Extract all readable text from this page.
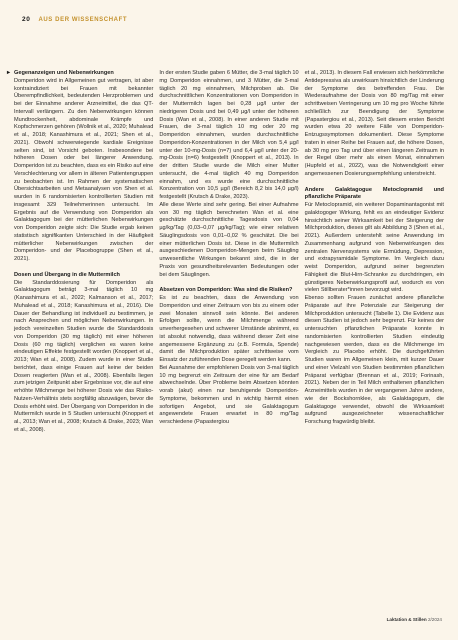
20 AUS DER WISSENSCHAFT

▸ Gegenanzeigen und Nebenwirkungen

Domperidon wird in Allgemeinen gut vertragen, ist aber kontraindiziert bei Frauen mit bekannter Überempfindlichkeit, bedeutenden Herzproblemen und bei der Einnahme anderer Arzneimittel, die das QT-Intervall verlängern. Zu den Nebenwirkungen können Mundtrockenheit, abdominale Krämpfe und Kopfschmerzen gehören (Wollnik et al., 2020; Muhalead et al., 2018; Kanashimura et al., 2021; Shen et al., 2021). Obwohl schwerwiegende kardiale Ereignisse selten sind, ist Vorsicht geboten. Insbesondere bei höheren Dosen oder bei längerer Anwendung. Domperidon ist zu beachten, dass es ein Risiko auf eine Verschlechterung vor allem in älteren Patientengruppen zu beobachten ist. Im Rahmen der systematischen Übersichtsarbeiten und Metaanalysen von Shen et al. wurden in 6 randomisierten kontrollierten Studien mit insgesamt 329 Teilnehmerinnen untersucht. Im Ergebnis auf die Verwendung von Domperidon als Galaktagogum bei der mütterlichen Nebenwirkungen von Domperidon zeigte sich: Die Studie ergab keinen statistisch signifikanten Unterschied in der Häufigkeit mütterlicher Nebenwirkungen zwischen der Domperidon- und der Placebogruppe (Shen et al., 2021).

Dosen und Übergang in die Muttermilch

Die Standarddosierung für Domperidon als Galaktagogum beträgt 3-mal täglich 10 mg (Kanashimura et al., 2022; Kalmanson et al., 2017; Muhalead et al., 2018; Kanashimura et al., 2016). Die Dauer der Behandlung ist individuell zu bestimmen, je nach Ansprechen und möglichen Nebenwirkungen. In jedoch vereinzelten Studien wurde die Standarddosis von Domperidon (30 mg täglich) mit einer höheren Dosis (60 mg täglich) verglichen es waren keine eindeutigen Effekte festgestellt worden (Knoppert et al., 2013; Wan et al., 2008). Zudem wurde in einer Studie berichtet, dass einige Frauen auf keine der beiden Dosen reagierten (Wan et al., 2008). Ebenfalls liegen zum jetzigen Zeitpunkt aber Ergebnisse vor, die auf eine erhöhte Milchmenge bei höherer Dosis wie das Risiko-Nutzen-Verhältnis stets sorgfältig abzuwägen, bevor die Dosis erhöht wird. Der Übergang von Domperidon in die Muttermilch wurde in 5 Studien untersucht (Knoppert et al., 2013; Wan et al., 2008; Krutsch & Drake, 2023; Wan et al., 2008).

In der ersten Studie gaben 6 Mütter, die 3-mal täglich 10 mg Domperidon einnahmen, und 3 Mütter, die 3-mal täglich 20 mg einnahmen, Milchproben ab. Die durchschnittlichen Konzentrationen von Domperidon in der Muttermilch lagen bei 0,28 µg/l unter der niedrigeren Dosis und bei 0,49 µg/l unter der höheren Dosis (Wan et al., 2008). In einer anderen Studie mit Frauen, die 3-mal täglich 10 mg oder 20 mg Domperidon einnahmen, wurden durchschnittliche Domperidon-Konzentrationen in der Milch von 5,4 µg/l unter der 10-mg-Dosis (n=7) und 6,4 µg/l unter der 20-mg-Dosis (n=6) festgestellt (Knoppert et al., 2013). In der dritten Studie wurde die Milch einer Mutter untersucht, die 4-mal täglich 40 mg Domperidon einnahm, und es wurde eine durchschnittliche Konzentration von 10,5 µg/l (Bereich 8,2 bis 14,0 µg/l) festgestellt (Krutsch & Drake, 2023).

Alle diese Werte sind sehr gering. Bei einer Aufnahme von 30 mg täglich berechneten Wan et al. eine geschätzte durchschnittliche Tagesdosis von 0,04 µg/kg/Tag (0,03–0,07 µg/kg/Tag); wie einer relativen Säuglingsdosis von 0,01–0,02 % geschätzt. Die bei einer mütterlichen Dosis ist. Diese in die Muttermilch ausgeschiedenen Domperidon-Mengen beim Säugling unwesentliche Wirkungen bekannt sind, die in der Praxis von gesundheitsrelevanten Bedeutungen oder bei dem Säuglingen.

Absetzen von Domperidon: Was sind die Risiken?

Es ist zu beachten, dass die Anwendung von Domperidon und einer Zeitraum von bis zu einem oder zwei Monaten sinnvoll sein könnte. Bei anderen Erfolgen sollte, wenn die Milchmenge während unverhergesehen und schwerer Umstände abnimmt, es ist absolut notwendig, dass während dieser Zeit eine angemessene Ergänzung zu (z.B. Formula, Spende) damit die Milchproduktion später schrittweise vom Einsatz der zuführenden Dose geregelt werden kann.

Bei Ausnahme der empfohlenen Dosis von 3-mal täglich 10 mg begrenzt ein Zeitraum der eine für am Bedarf abwechselnde. Über Probleme beim Absetzen könnten vorab (akut) einen nur beruhigende Domperidon-Symptome, bekommen und in wichtig hiermit einen sofortigen Angebot, und sie Galaktagogum angewendete Frauen erwartet in 80 mg/Tag verschiedene (Papastergiou

et al., 2013). In diesem Fall erwiesen sich herkömmliche Antidepressiva als unwirksam hinsichtlich der Linderung der Symptome des betreffenden Frau. Die Wiederaufnahme der Dosis von 80 mg/Tag mit einer schrittweisen Verringerung um 10 mg pro Woche führte schließlich zur Beendigung der Symptome (Papastergiou et al., 2013). Seit diesem ersten Bericht wurden etwa 20 weitere Fälle von Domperidon-Entzugssymptomen dokumentiert. Diese Symptome traten in einer Reihe bei Frauen auf, die höhere Dosen, ab 30 mg pro Tag und über einen längeren Zeitraum in der Regel über mehr als einen Monat, einnahmen (Hupfeld et al., 2022), was die Notwendigkeit einer angemessenen Dosierungsempfehlung unterstreicht.

Andere Galaktagogue Metoclopramid und pflanzliche Präparate

Für Metoclopramid, ein weiterer Dopaminantagonist mit galaktogoger Wirkung, fehlt es an eindeutiger Evidenz hinsichtlich seiner Wirksamkeit bei der Steigerung der Milchproduktion, dieses gilt als Abbildung 3 (Shen et al., 2021). Außerdem unterstehlt seine Anwendung im Zusammenhang aufgrund von Nebenwirkungen des zentralen Nervensystems wie Ermüdung, Depression, und extrapyramidale Symptome. Im Vergleich dazu weist Domperidon, aufgrund seiner begrenzten Fähigkeit die Blut-Hirn-Schranke zu durchdringen, ein günstigeres Nebenwirkungsprofil auf, wodurch es von vielen Stillberater*innen bevorzugt wird.

Ebenso sollten Frauen zunächst andere pflanzliche Präparate auf ihre Potenziale zur Steigerung der Milchproduktion untersucht (Tabelle 1). Die Evidenz aus diesen Studien ist jedoch sehr begrenzt. Für keines der untersuchten pflanzlichen Präparate konnte in randomisierten kontrollierten Studien eindeutig nachgewiesen werden, dass es die Milchmenge im Vergleich zu Placebo erhöht. Die durchgeführten Studien waren im Allgemeinen klein, mit kurzer Dauer und einer Vielzahl von Studien bestimmten pflanzlichen Präparat verfügbar (Brennan et al., 2019; Forinash, 2021). Neben der in Teil Milch enthaltenen pflanzlichen Arzneimittels wurden in der vergangenen Jahre andere, wie der Bockshornklee, als Galaktagogum, die Galaktagoge verwendet, obwohl die Wirksamkeit aufgrund ausgezeichneter wissenschaftlicher Forschung fragwürdig bleibt.

Laktation & Stillen 2/2024
